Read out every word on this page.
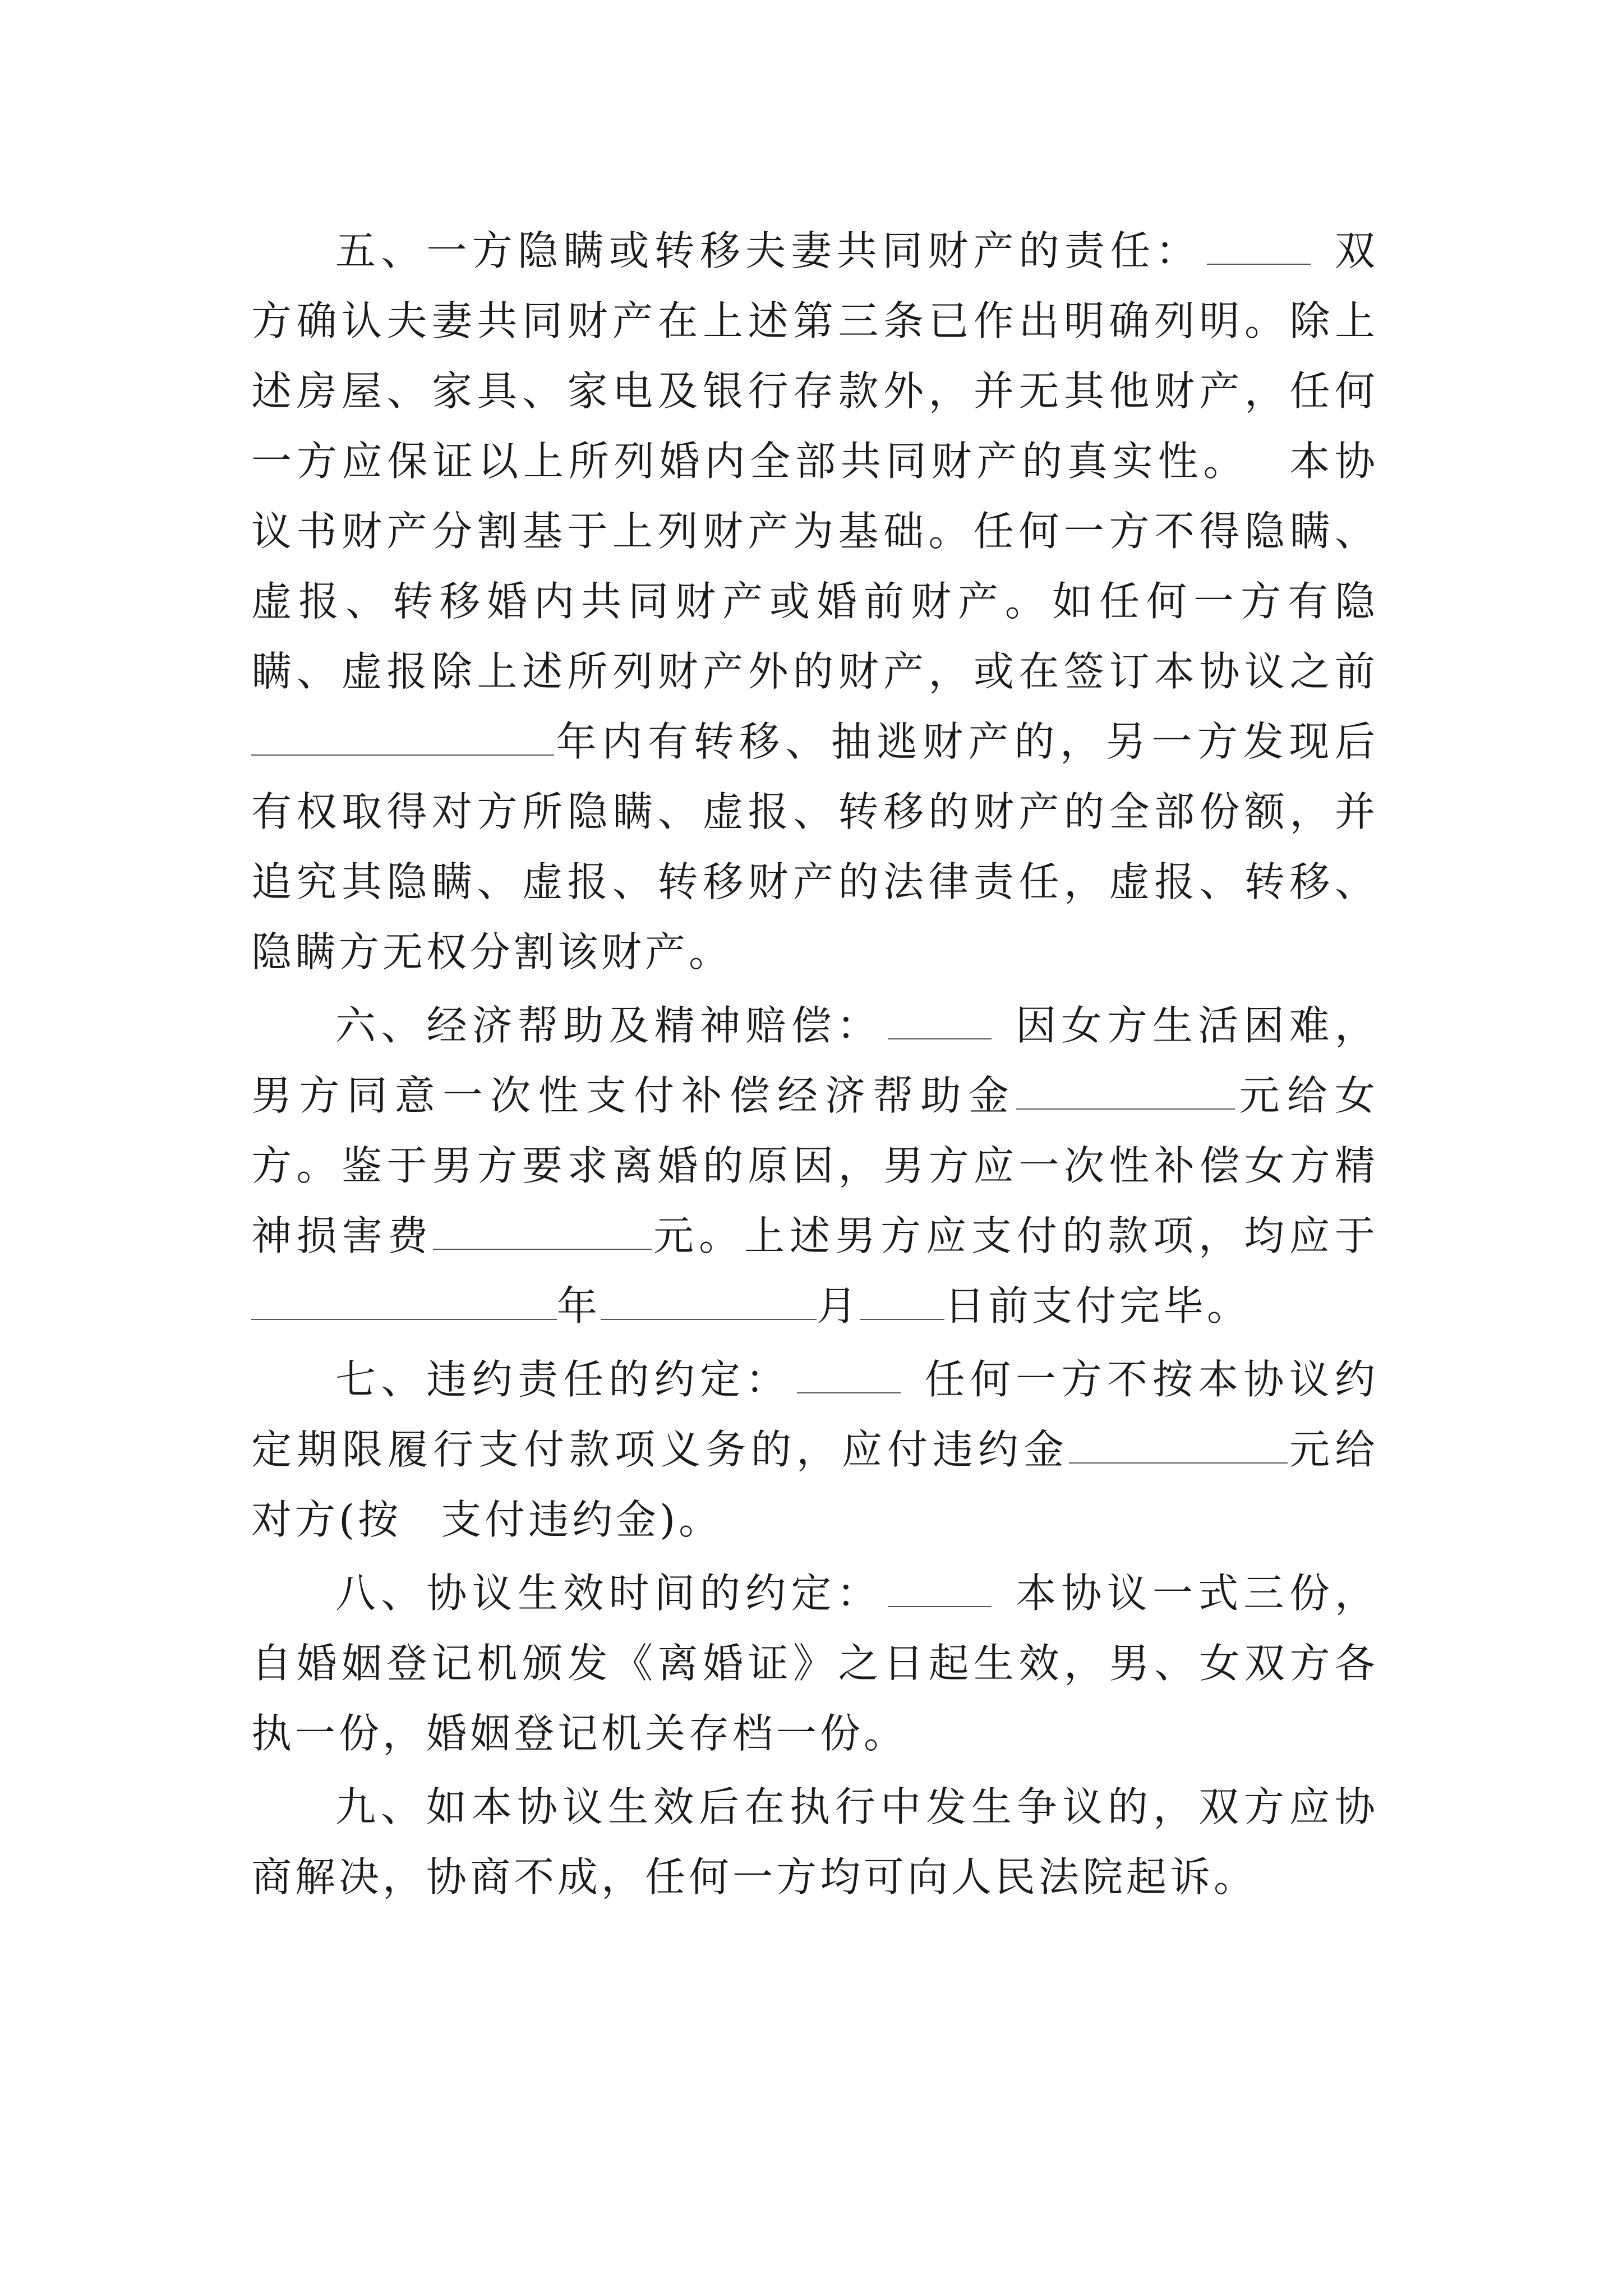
五、一方隐瞒或转移夫妻共同财产的责任：	双方确认夫妻共同财产在上述第三条已作出明确列明。除上述房屋、家具、家电及银行存款外，并无其他财产，任何一方应保证以上所列婚内全部共同财产的真实性。 本协议书财产分割基于上列财产为基础。任何一方不得隐瞒、虚报、转移婚内共同财产或婚前财产。如任何一方有隐瞒、虚报除上述所列财产外的财产，或在签订本协议之前年内有转移、抽逃财产的，另一方发现后有权取得对方所隐瞒、虚报、转移的财产的全部份额，并追究其隐瞒、虚报、转移财产的法律责任，虚报、转移、隐瞒方无权分割该财产。

六、经济帮助及精神赔偿：	因女方生活困难，男方同意一次性支付补偿经济帮助金	元给女方。鉴于男方要求离婚的原因，男方应一次性补偿女方精神损害费	元。上述男方应支付的款项，均应于年	月 日前支付完毕。

七、违约责任的约定：	任何一方不按本协议约定期限履行支付款项义务的，应付违约金	元给对方(按 支付违约金)。

八、协议生效时间的约定：	本协议一式三份，自婚姻登记机颁发《离婚证》之日起生效，男、女双方各执一份，婚姻登记机关存档一份。

九、如本协议生效后在执行中发生争议的，双方应协商解决，协商不成，任何一方均可向人民法院起诉。
